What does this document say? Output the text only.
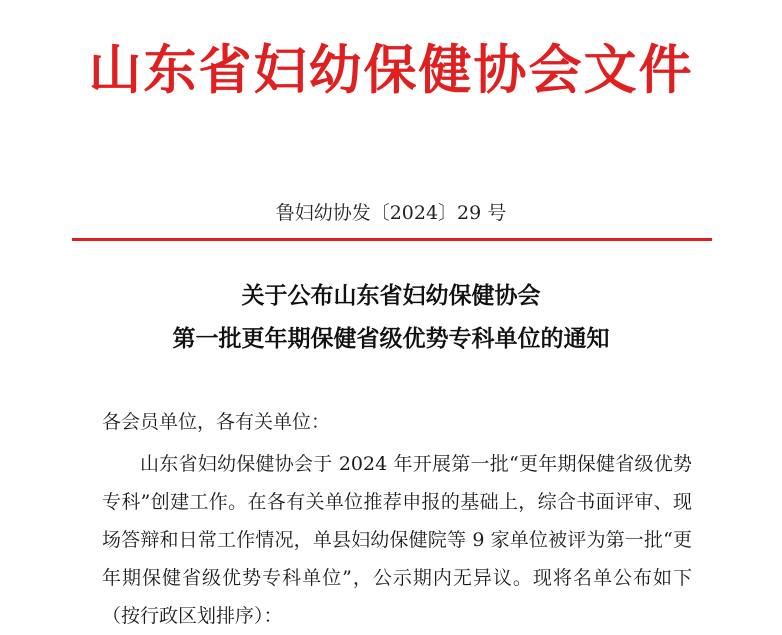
山东省妇幼保健协会文件

鲁妇幼协发〔2024〕29 号

关于公布山东省妇幼保健协会
第一批更年期保健省级优势专科单位的通知

各会员单位，各有关单位：

山东省妇幼保健协会于 2024 年开展第一批“更年期保健省级优势专科”创建工作。在各有关单位推荐申报的基础上，综合书面评审、现场答辩和日常工作情况，单县妇幼保健院等 9 家单位被评为第一批“更年期保健省级优势专科单位”，公示期内无异议。现将名单公布如下（按行政区划排序）：
